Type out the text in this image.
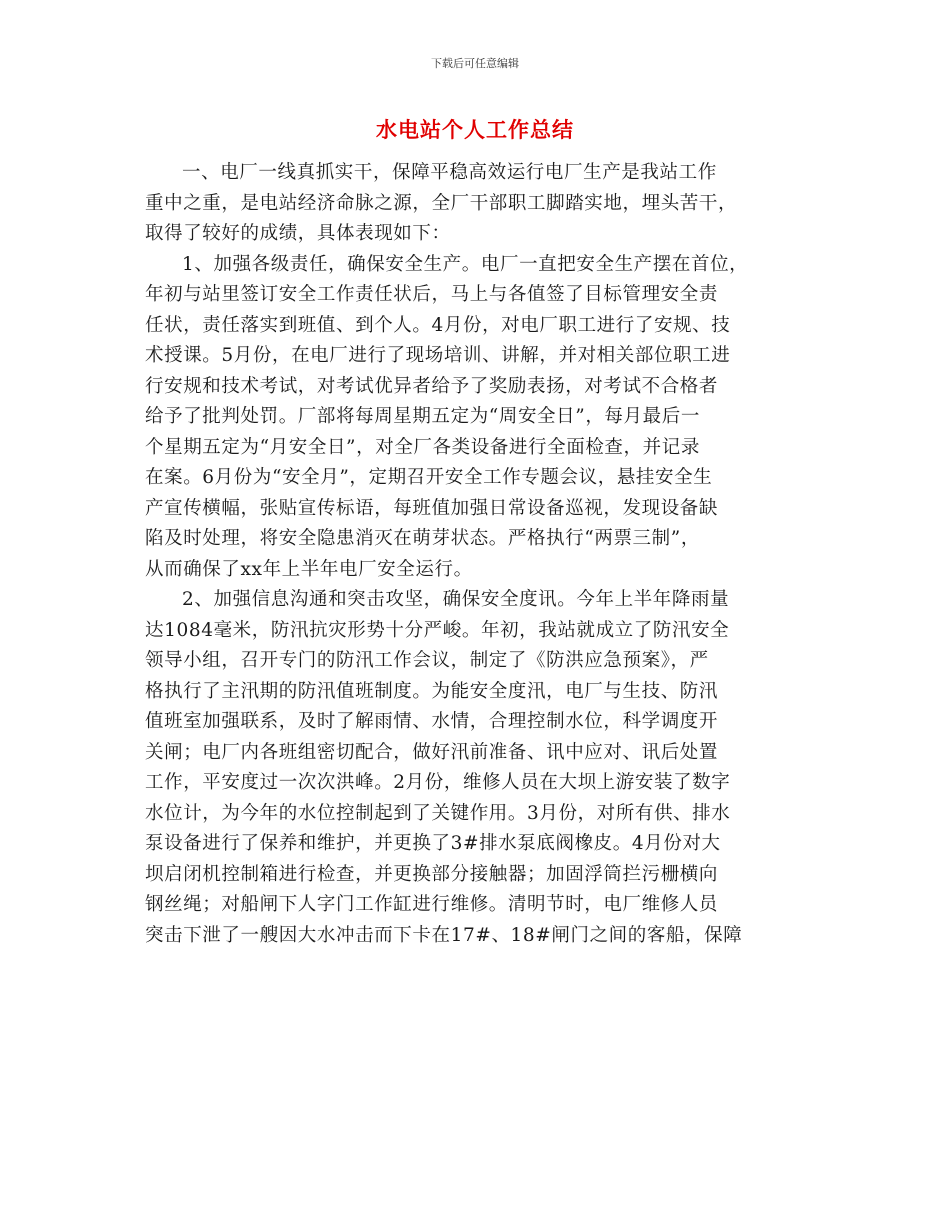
下载后可任意编辑
水电站个人工作总结
一、电厂一线真抓实干，保障平稳高效运行电厂生产是我站工作
重中之重，是电站经济命脉之源，全厂干部职工脚踏实地，埋头苦干，
取得了较好的成绩，具体表现如下：
1、加强各级责任，确保安全生产。电厂一直把安全生产摆在首位，
年初与站里签订安全工作责任状后，马上与各值签了目标管理安全责
任状，责任落实到班值、到个人。4月份，对电厂职工进行了安规、技
术授课。5月份，在电厂进行了现场培训、讲解，并对相关部位职工进
行安规和技术考试，对考试优异者给予了奖励表扬，对考试不合格者
给予了批判处罚。厂部将每周星期五定为“周安全日”，每月最后一
个星期五定为“月安全日”，对全厂各类设备进行全面检查，并记录
在案。6月份为“安全月”，定期召开安全工作专题会议，悬挂安全生
产宣传横幅，张贴宣传标语，每班值加强日常设备巡视，发现设备缺
陷及时处理，将安全隐患消灭在萌芽状态。严格执行“两票三制”，
从而确保了xx年上半年电厂安全运行。
2、加强信息沟通和突击攻坚，确保安全度讯。今年上半年降雨量
达1084毫米，防汛抗灾形势十分严峻。年初，我站就成立了防汛安全
领导小组，召开专门的防汛工作会议，制定了《防洪应急预案》，严
格执行了主汛期的防汛值班制度。为能安全度汛，电厂与生技、防汛
值班室加强联系，及时了解雨情、水情，合理控制水位，科学调度开
关闸；电厂内各班组密切配合，做好汛前准备、讯中应对、讯后处置
工作，平安度过一次次洪峰。2月份，维修人员在大坝上游安装了数字
水位计，为今年的水位控制起到了关键作用。3月份，对所有供、排水
泵设备进行了保养和维护，并更换了3#排水泵底阀橡皮。4月份对大
坝启闭机控制箱进行检查，并更换部分接触器；加固浮筒拦污栅横向
钢丝绳；对船闸下人字门工作缸进行维修。清明节时，电厂维修人员
突击下泄了一艘因大水冲击而下卡在17#、18#闸门之间的客船，保障
